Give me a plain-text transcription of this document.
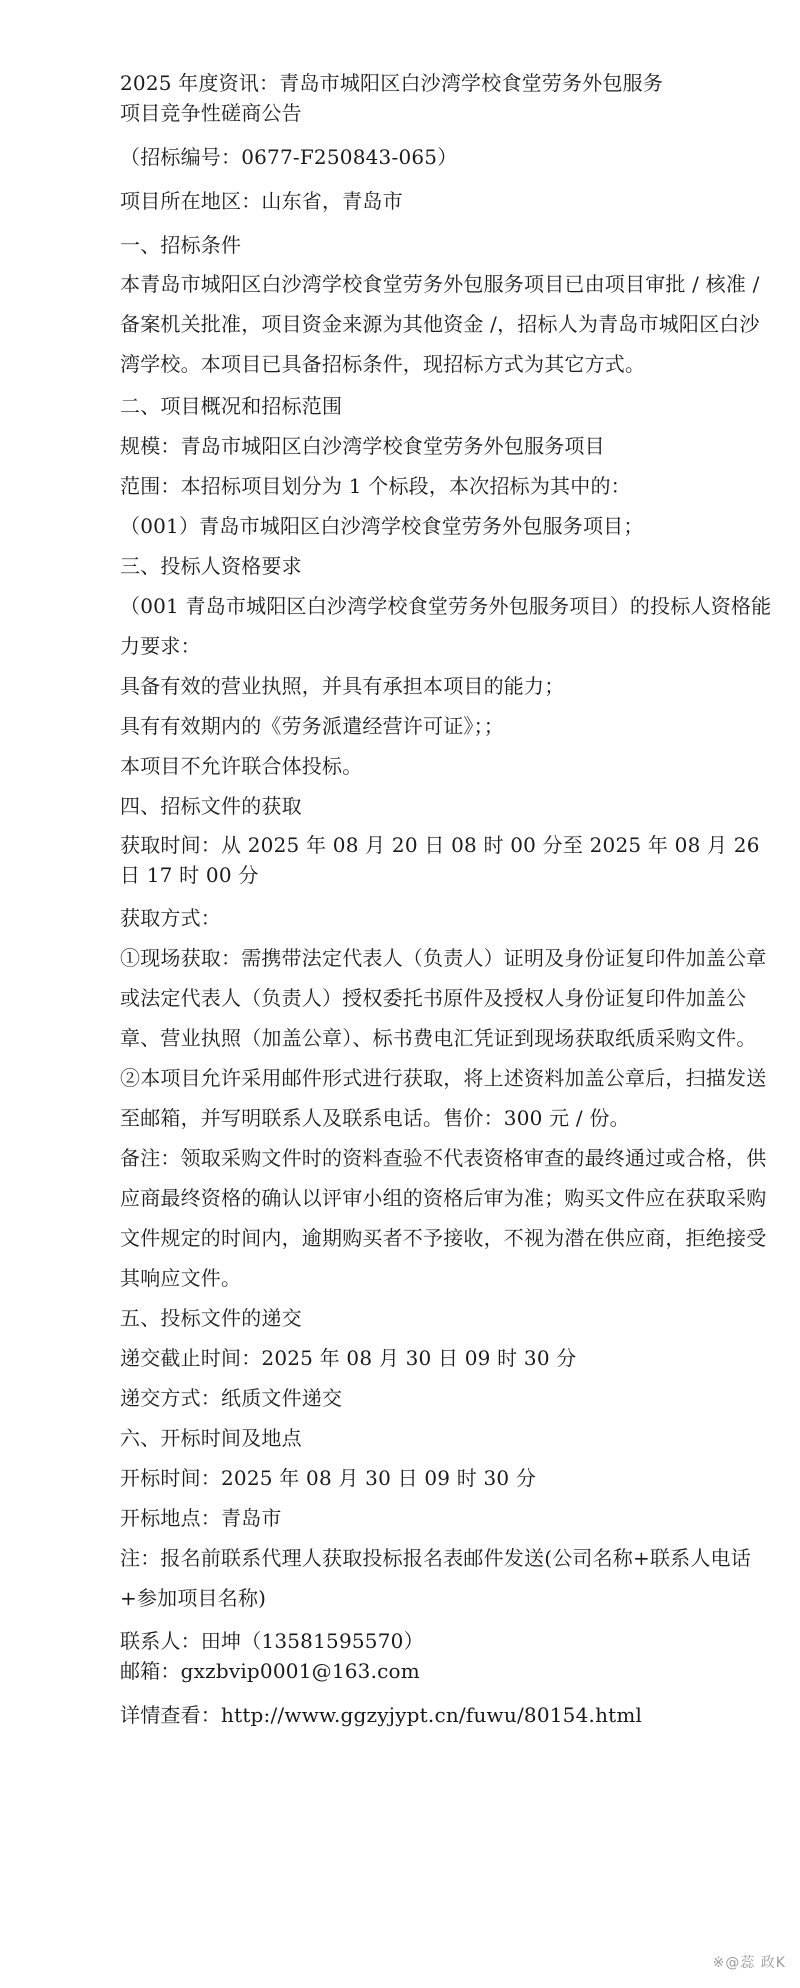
2025 年度资讯：青岛市城阳区白沙湾学校食堂劳务外包服务

项目竞争性磋商公告

（招标编号：0677-F250843-065）

项目所在地区：山东省，青岛市

一、招标条件

本青岛市城阳区白沙湾学校食堂劳务外包服务项目已由项目审批 / 核准 / 备案机关批准，项目资金来源为其他资金 /，招标人为青岛市城阳区白沙湾学校。本项目已具备招标条件，现招标方式为其它方式。

二、项目概况和招标范围

规模：青岛市城阳区白沙湾学校食堂劳务外包服务项目

范围：本招标项目划分为 1 个标段，本次招标为其中的：

（001）青岛市城阳区白沙湾学校食堂劳务外包服务项目；

三、投标人资格要求

（001 青岛市城阳区白沙湾学校食堂劳务外包服务项目）的投标人资格能力要求：

具备有效的营业执照，并具有承担本项目的能力；

具有有效期内的《劳务派遣经营许可证》；；

本项目不允许联合体投标。

四、招标文件的获取

获取时间：从 2025 年 08 月 20 日 08 时 00 分至 2025 年 08 月 26 日 17 时 00 分

获取方式：

①现场获取：需携带法定代表人（负责人）证明及身份证复印件加盖公章或法定代表人（负责人）授权委托书原件及授权人身份证复印件加盖公章、营业执照（加盖公章）、标书费电汇凭证到现场获取纸质采购文件。

②本项目允许采用邮件形式进行获取，将上述资料加盖公章后，扫描发送至邮箱，并写明联系人及联系电话。售价：300 元 / 份。

备注：领取采购文件时的资料查验不代表资格审查的最终通过或合格，供应商最终资格的确认以评审小组的资格后审为准；购买文件应在获取采购文件规定的时间内，逾期购买者不予接收，不视为潜在供应商，拒绝接受其响应文件。

五、投标文件的递交

递交截止时间：2025 年 08 月 30 日 09 时 30 分

递交方式：纸质文件递交

六、开标时间及地点

开标时间：2025 年 08 月 30 日 09 时 30 分

开标地点：青岛市

注：报名前联系代理人获取投标报名表邮件发送(公司名称+联系人电话+参加项目名称)

联系人：田坤（13581595570）

邮箱：gxzbvip0001@163.com

详情查看：http://www.ggzyjypt.cn/fuwu/80154.html

※@蕊 政K
